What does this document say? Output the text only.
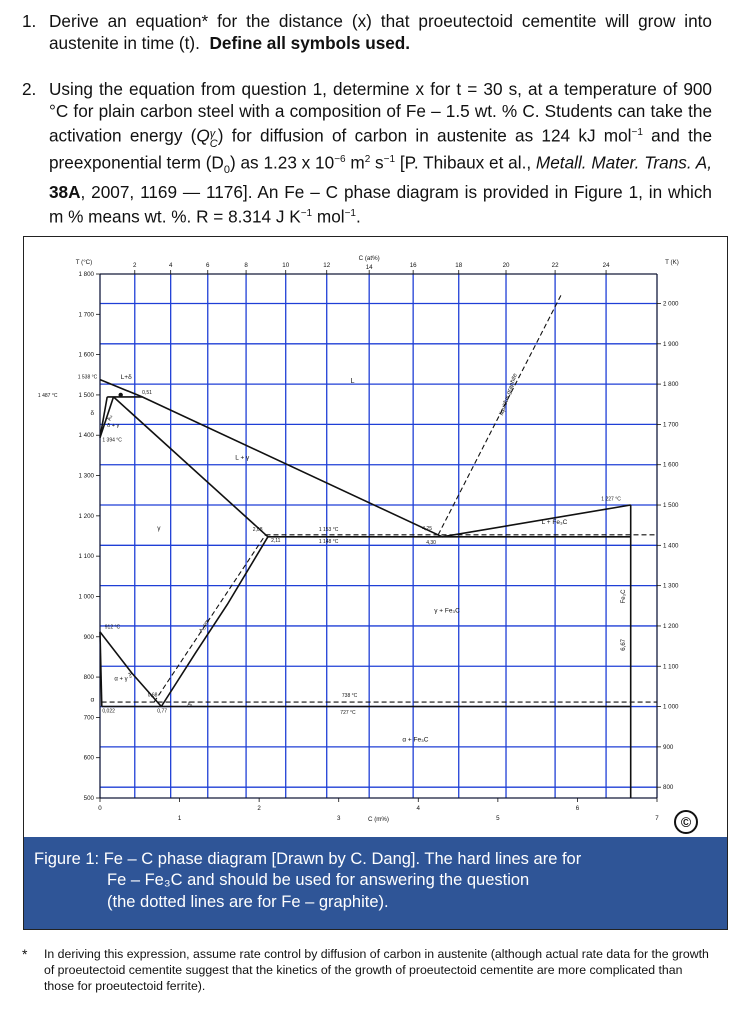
1. Derive an equation* for the distance (x) that proeutectoid cementite will grow into austenite in time (t). Define all symbols used.
2. Using the equation from question 1, determine x for t = 30 s, at a temperature of 900 °C for plain carbon steel with a composition of Fe – 1.5 wt. % C. Students can take the activation energy (Qγ
C) for diffusion of carbon in austenite as 124 kJ mol$^{-1}$ and the preexponential term $(D_0)$ as 1.23 x $10^{-6}$ $m^2$ $s^{-1}$ [P. Thibaux et al., Metall. Mater. Trans. A, 38A, 2007, 1169 — 1176]. An Fe – C phase diagram is provided in Figure 1, in which m % means wt. %. R = 8.314 J $K^{-1}$ mol$^{-1}$.
500
600
700
800
900
1 000
1 100
1 200
1 300
1 400
1 500
1 600
1 700
1 800
T (°C)
800
900
1 000
1 100
1 200
1 300
1 400
1 500
1 600
1 700
1 800
1 900
2 000
T (K)
0
1
2
3
4
5
6
7
C (m%)
2	4	6	8	10	12	14
C (at%)
16	18	20	22	24
L+δ
L
L + γ
γ
γ + Fe₃C
L + Fe₃C
α + γ
α + Fe₃C
δ + γ
δ
α
1 538 °C
1 487 °C
1 394 °C
912 °C
1 153 °C
1 148 °C
738 °C
727 °C
1 227 °C
0,51
2,08
2,11
4,25
4,30
0,68
0,022	0,77
A₁
A₄
A₃
A_cm
Fe₃C
6,67
liquidus graphite
©
Figure 1: Fe – C phase diagram [Drawn by C. Dang]. The hard lines are for
Fe – Fe₃C and should be used for answering the question
(the dotted lines are for Fe – graphite).
* In deriving this expression, assume rate control by diffusion of carbon in austenite (although actual rate data for the growth of proeutectoid cementite suggest that the kinetics of the growth of proeutectoid cementite are more complicated than those for proeutectoid ferrite).
